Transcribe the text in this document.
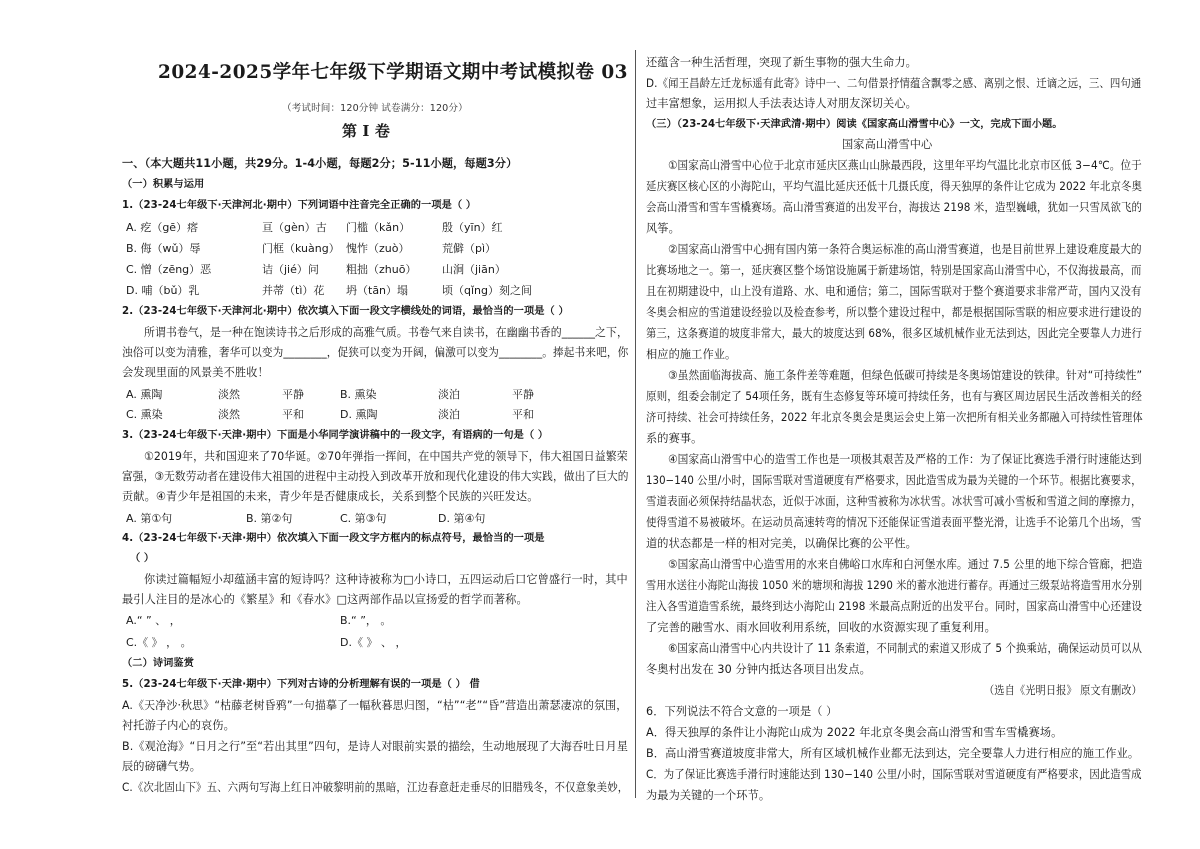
2024-2025学年七年级下学期语文期中考试模拟卷 03
（考试时间：120分钟 试卷满分：120分）
第 I 卷
一、（本大题共11小题，共29分。1-4小题，每题2分；5-11小题，每题3分）
（一）积累与运用
1.（23-24七年级下·天津河北·期中）下列词语中注音完全正确的一项是（ ）
A. 疙（gē）瘩	亘（gèn）古 门槛（kǎn）	殷（yīn）红
B. 侮（wǔ）辱	门框（kuàng） 愧怍（zuò）	荒僻（pì）
C. 憎（zēng）恶	诘（jié）问 粗拙（zhuō） 山涧（jiān）
D. 哺（bǔ）乳	并蒂（tì）花 坍（tān）塌	顷（qǐng）刻之间
2.（23-24七年级下·天津河北·期中）依次填入下面一段文字横线处的词语，最恰当的一项是（ ）
所谓书卷气，是一种在饱读诗书之后形成的高雅气质。书卷气来自读书，在幽幽书香的______之下，
浊俗可以变为清雅，奢华可以变为________，促狭可以变为开阔，偏激可以变为________。捧起书来吧，你
会发现里面的风景美不胜收！
A. 熏陶	淡然	平静	B. 熏染	淡泊	平静
C. 熏染	淡然	平和	D. 熏陶	淡泊	平和
3.（23-24七年级下·天津·期中）下面是小华同学演讲稿中的一段文字，有语病的一句是（ ）
①2019年，共和国迎来了70华诞。②70年弹指一挥间，在中国共产党的领导下，伟大祖国日益繁荣
富强，③无数劳动者在建设伟大祖国的进程中主动投入到改革开放和现代化建设的伟大实践，做出了巨大的
贡献。④青少年是祖国的未来，青少年是否健康成长，关系到整个民族的兴旺发达。
A. 第①句	B. 第②句	C. 第③句	D. 第④句
4.（23-24七年级下·天津·期中）依次填入下面一段文字方框内的标点符号，最恰当的一项是
（ ）
你读过篇幅短小却蕴涵丰富的短诗吗？这种诗被称为□小诗口，五四运动后口它曾盛行一时，其中
最引人注目的是冰心的《繁星》和《春水》□这两部作品以宣扬爱的哲学而著称。
A.“ ” 、 ，	B.“ ”， 。
C.《 》 ， 。	D.《 》 、 ，
（二）诗词鉴赏
5.（23-24七年级下·天津·期中）下列对古诗的分析理解有误的一项是（ ） 借
A.《天净沙·秋思》“枯藤老树昏鸦”一句描摹了一幅秋暮思归图，“枯”“老”“昏”营造出萧瑟凄凉的氛围，
衬托游子内心的哀伤。
B.《观沧海》“日月之行”至“若出其里”四句，是诗人对眼前实景的描绘，生动地展现了大海吞吐日月星
辰的磅礴气势。
C.《次北固山下》五、六两句写海上红日冲破黎明前的黑暗，江边春意赶走垂尽的旧腊残冬，不仅意象美妙，
还蕴含一种生活哲理，突现了新生事物的强大生命力。
D.《闻王昌龄左迁龙标遥有此寄》诗中一、二句借景抒情蕴含飘零之感、离别之恨、迁谪之远，三、四句通
过丰富想象，运用拟人手法表达诗人对朋友深切关心。
（三）（23-24七年级下·天津武清·期中）阅读《国家高山滑雪中心》一文，完成下面小题。
国家高山滑雪中心
①国家高山滑雪中心位于北京市延庆区燕山山脉最西段，这里年平均气温比北京市区低 3−4℃。位于
延庆赛区核心区的小海陀山，平均气温比延庆还低十几摄氏度，得天独厚的条件让它成为 2022 年北京冬奥
会高山滑雪和雪车雪橇赛场。高山滑雪赛道的出发平台，海拔达 2198 米，造型巍峨，犹如一只雪凤欲飞的
风筝。
②国家高山滑雪中心拥有国内第一条符合奥运标准的高山滑雪赛道，也是目前世界上建设难度最大的
比赛场地之一。第一，延庆赛区整个场馆设施属于新建场馆，特别是国家高山滑雪中心，不仅海拔最高，而
且在初期建设中，山上没有道路、水、电和通信；第二，国际雪联对于整个赛道要求非常严苛，国内又没有
冬奥会相应的雪道建设经验以及检查参考，所以整个建设过程中，都是根据国际雪联的相应要求进行建设的
第三，这条赛道的坡度非常大，最大的坡度达到 68%，很多区域机械作业无法到达，因此完全要靠人力进行
相应的施工作业。
③虽然面临海拔高、施工条件差等难题，但绿色低碳可持续是冬奥场馆建设的铁律。针对“可持续性”
原则，组委会制定了 54项任务，既有生态修复等环境可持续任务，也有与赛区周边居民生活改善相关的经
济可持续、社会可持续任务，2022 年北京冬奥会是奥运会史上第一次把所有相关业务都融入可持续性管理体
系的赛事。
④国家高山滑雪中心的造雪工作也是一项极其艰苦及严格的工作：为了保证比赛选手滑行时速能达到
130−140 公里/小时，国际雪联对雪道硬度有严格要求，因此造雪成为最为关键的一个环节。根据比赛要求，
雪道表面必须保持结晶状态，近似于冰面，这种雪被称为冰状雪。冰状雪可减小雪板和雪道之间的摩擦力，
使得雪道不易被破坏。在运动员高速转弯的情况下还能保证雪道表面平整光滑，让选手不论第几个出场，雪
道的状态都是一样的相对完美，以确保比赛的公平性。
⑤国家高山滑雪中心造雪用的水来自佛峪口水库和白河堡水库。通过 7.5 公里的地下综合管廊，把造
雪用水送往小海陀山海拔 1050 米的塘坝和海拔 1290 米的蓄水池进行蓄存。再通过三级泵站将造雪用水分别
注入各雪道造雪系统，最终到达小海陀山 2198 米最高点附近的出发平台。同时，国家高山滑雪中心还建设
了完善的融雪水、雨水回收利用系统，回收的水资源实现了重复利用。
⑥国家高山滑雪中心内共设计了 11 条索道，不同制式的索道又形成了 5 个换乘站，确保运动员可以从
冬奥村出发在 30 分钟内抵达各项目出发点。
（选自《光明日报》 原文有删改）
6．下列说法不符合文意的一项是（ ）
A．得天独厚的条件让小海陀山成为 2022 年北京冬奥会高山滑雪和雪车雪橇赛场。
B．高山滑雪赛道坡度非常大，所有区域机械作业都无法到达，完全要靠人力进行相应的施工作业。
C．为了保证比赛选手滑行时速能达到 130−140 公里/小时，国际雪联对雪道硬度有严格要求，因此造雪成
为最为关键的一个环节。
